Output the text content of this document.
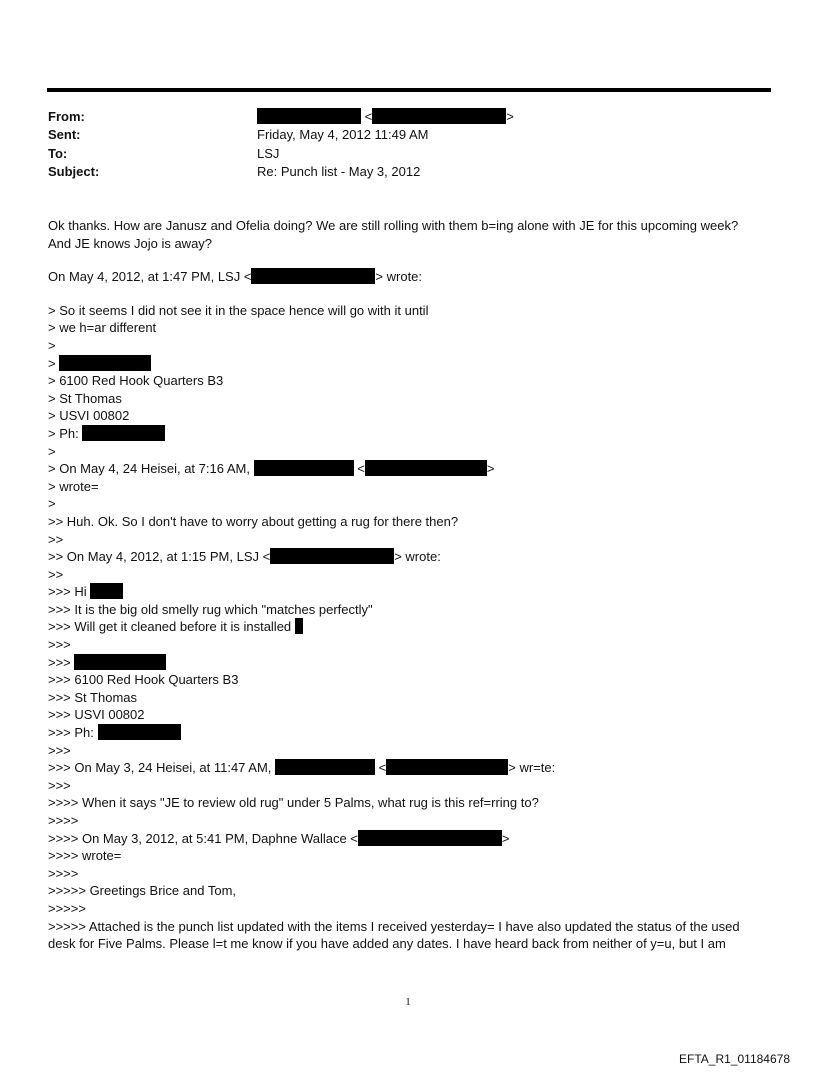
From:	<	>
Sent:	Friday, May 4, 2012 11:49 AM
To:	LSJ
Subject:	Re: Punch list - May 3, 2012

Ok thanks. How are Janusz and Ofelia doing? We are still rolling with them b=ing alone with JE for this upcoming week?

And JE knows Jojo is away?

On May 4, 2012, at 1:47 PM, LSJ <	> wrote:

> So it seems I did not see it in the space hence will go with it until

> we h=ar different

>

>

> 6100 Red Hook Quarters B3

> St Thomas

> USVI 00802

> Ph:

>

> On May 4, 24 Heisei, at 7:16 AM,	<	>

> wrote=

>

>> Huh. Ok. So I don't have to worry about getting a rug for there then?

>>

>> On May 4, 2012, at 1:15 PM, LSJ <	> wrote:

>>

>>> Hi

>>> It is the big old smelly rug which "matches perfectly"

>>> Will get it cleaned before it is installed

>>>

>>>

>>> 6100 Red Hook Quarters B3

>>> St Thomas

>>> USVI 00802

>>> Ph:

>>>

>>> On May 3, 24 Heisei, at 11:47 AM,	<	> wr=te:

>>>

>>>> When it says "JE to review old rug" under 5 Palms, what rug is this ref=rring to?

>>>>

>>>> On May 3, 2012, at 5:41 PM, Daphne Wallace <	>

>>>> wrote=

>>>>

>>>>> Greetings Brice and Tom,

>>>>>

>>>>> Attached is the punch list updated with the items I received yesterday= I have also updated the status of the used

desk for Five Palms. Please l=t me know if you have added any dates. I have heard back from neither of y=u, but I am

1
EFTA_R1_01184678
